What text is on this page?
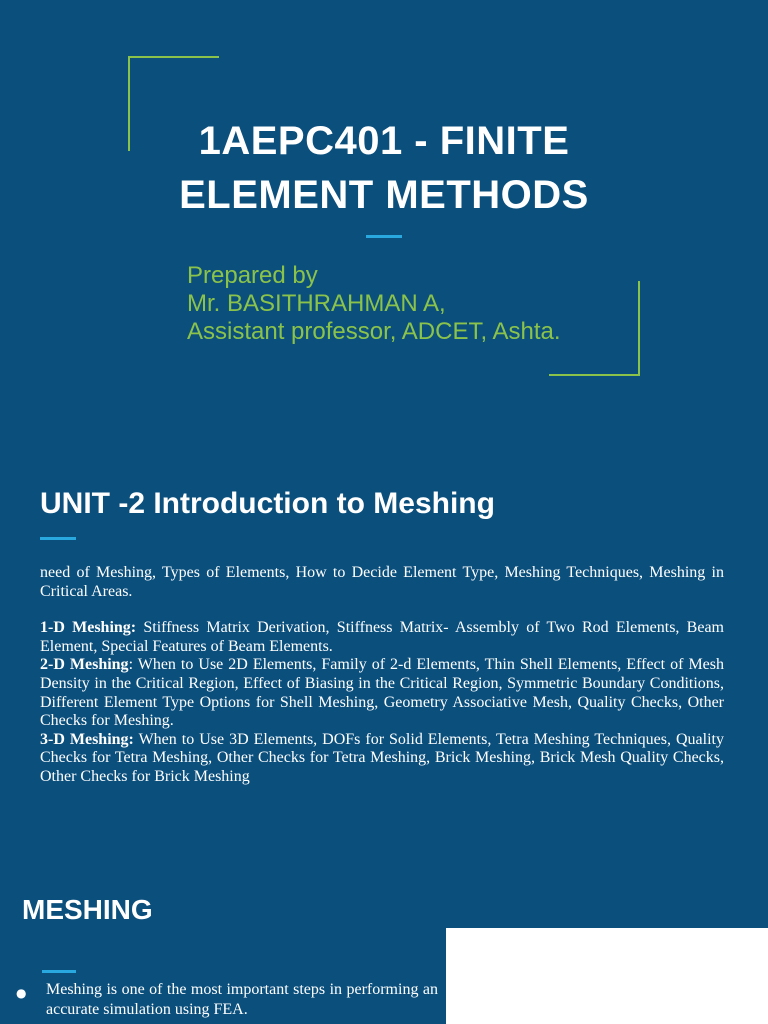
1AEPC401 - FINITE
ELEMENT METHODS
Prepared by
Mr. BASITHRAHMAN A,
Assistant professor, ADCET, Ashta.
UNIT -2 Introduction to Meshing

need of Meshing, Types of Elements, How to Decide Element Type, Meshing Techniques, Meshing in Critical Areas.

1-D Meshing: Stiffness Matrix Derivation, Stiffness Matrix- Assembly of Two Rod Elements, Beam Element, Special Features of Beam Elements.

2-D Meshing: When to Use 2D Elements, Family of 2-d Elements, Thin Shell Elements, Effect of Mesh Density in the Critical Region, Effect of Biasing in the Critical Region, Symmetric Boundary Conditions, Different Element Type Options for Shell Meshing, Geometry Associative Mesh, Quality Checks, Other Checks for Meshing.

3-D Meshing: When to Use 3D Elements, DOFs for Solid Elements, Tetra Meshing Techniques, Quality Checks for Tetra Meshing, Other Checks for Tetra Meshing, Brick Meshing, Brick Mesh Quality Checks, Other Checks for Brick Meshing

MESHING
● Meshing is one of the most important steps in performing an accurate simulation using FEA.
